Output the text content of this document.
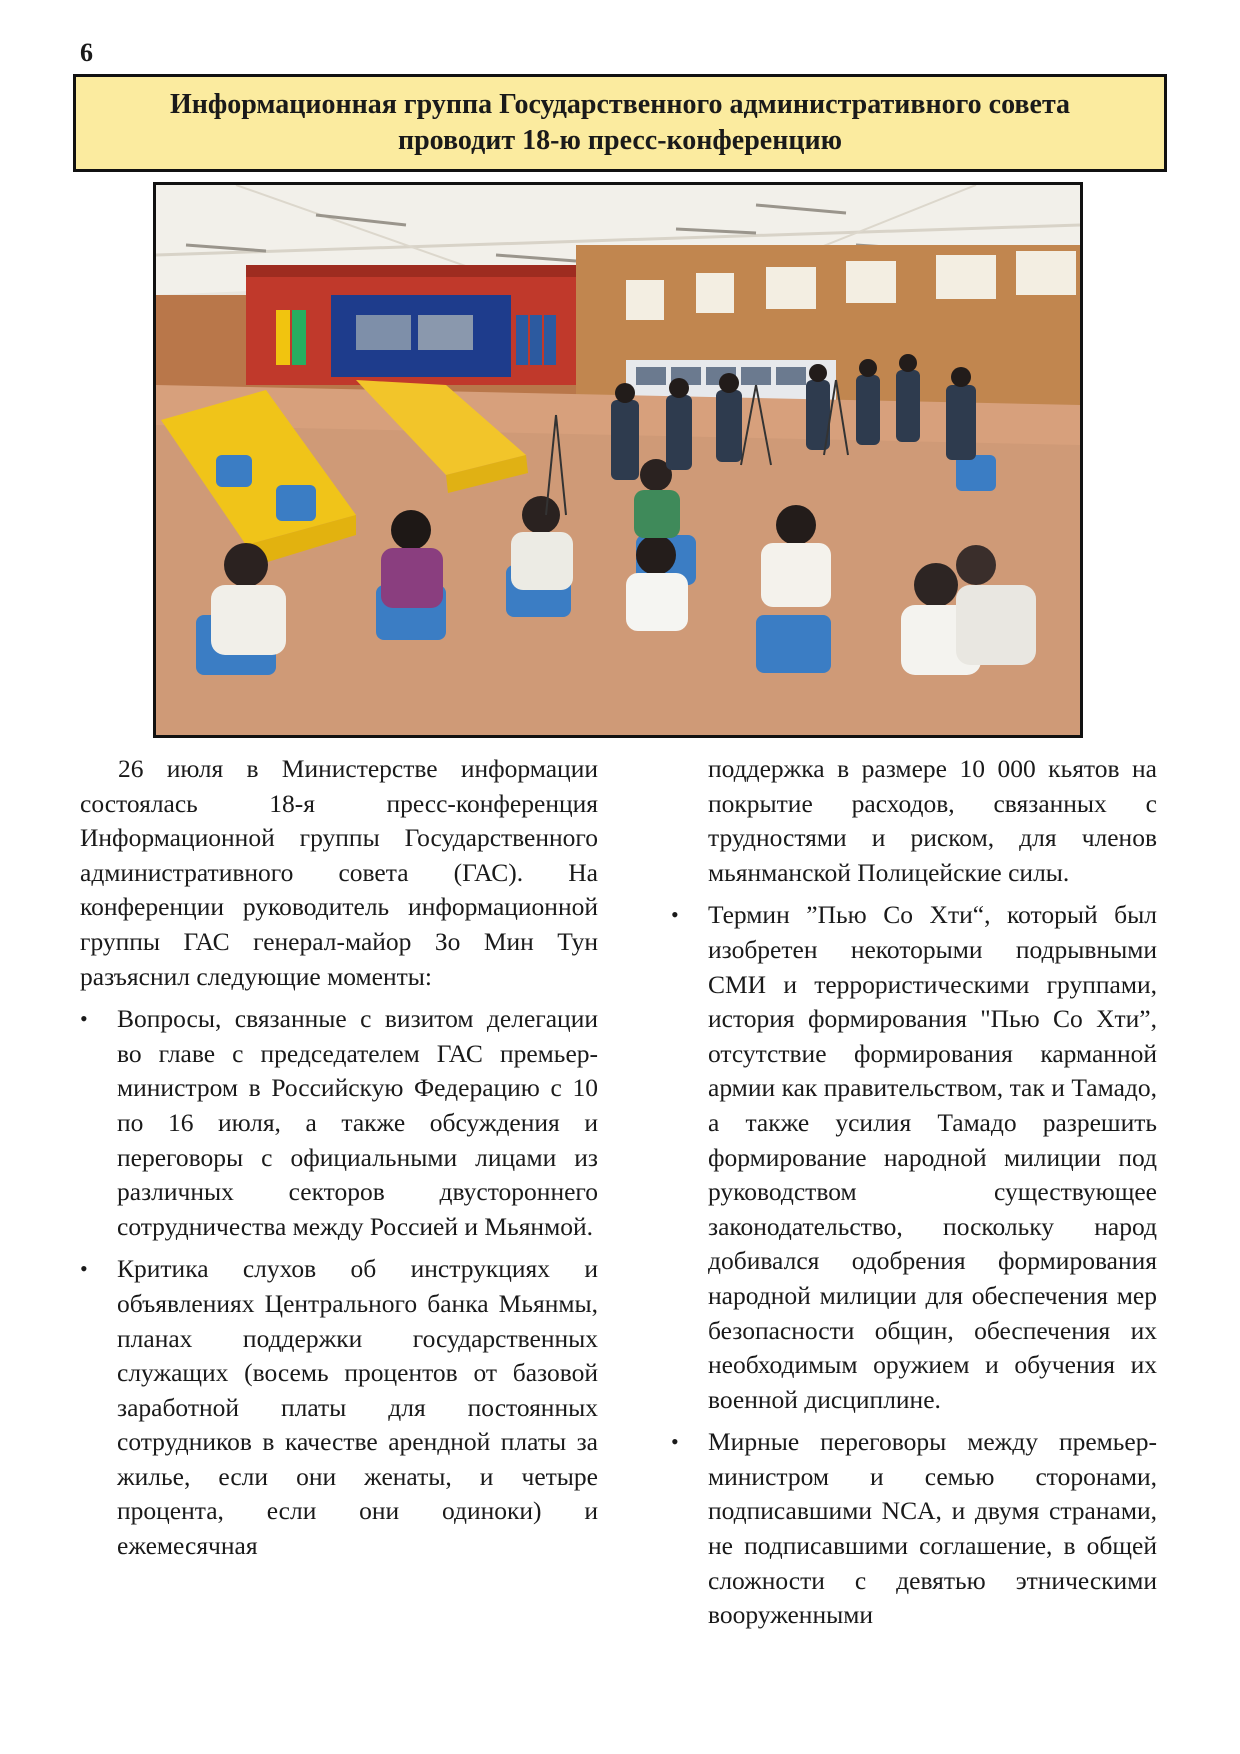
6
Информационная группа Государственного административного совета
проводит 18-ю пресс-конференцию

26 июля в Министерстве информации состоялась 18-я пресс-конференция Информационной группы Государственного административного совета (ГАС). На конференции руководитель информационной группы ГАС генерал-майор Зо Мин Тун разъяснил следующие моменты:

• Вопросы, связанные с визитом делегации во главе с председателем ГАС премьер-министром в Российскую Федерацию с 10 по 16 июля, а также обсуждения и переговоры с официальными лицами из различных секторов двустороннего сотрудничества между Россией и Мьянмой.
• Критика слухов об инструкциях и объявлениях Центрального банка Мьянмы, планах поддержки государственных служащих (восемь процентов от базовой заработной платы для постоянных сотрудников в качестве арендной платы за жилье, если они женаты, и четыре процента, если они одиноки) и ежемесячная

поддержка в размере 10 000 кьятов на покрытие расходов, связанных с трудностями и риском, для членов мьянманской Полицейские силы.

• Термин ”Пью Со Хти“, который был изобретен некоторыми подрывными СМИ и террористическими группами, история формирования "Пью Со Хти”, отсутствие формирования карманной армии как правительством, так и Тамадо, а также усилия Тамадо разрешить формирование народной милиции под руководством существующее законодательство, поскольку народ добивался одобрения формирования народной милиции для обеспечения мер безопасности общин, обеспечения их необходимым оружием и обучения их военной дисциплине.
• Мирные переговоры между премьер-министром и семью сторонами, подписавшими NCA, и двумя странами, не подписавшими соглашение, в общей сложности с девятью этническими вооруженными
